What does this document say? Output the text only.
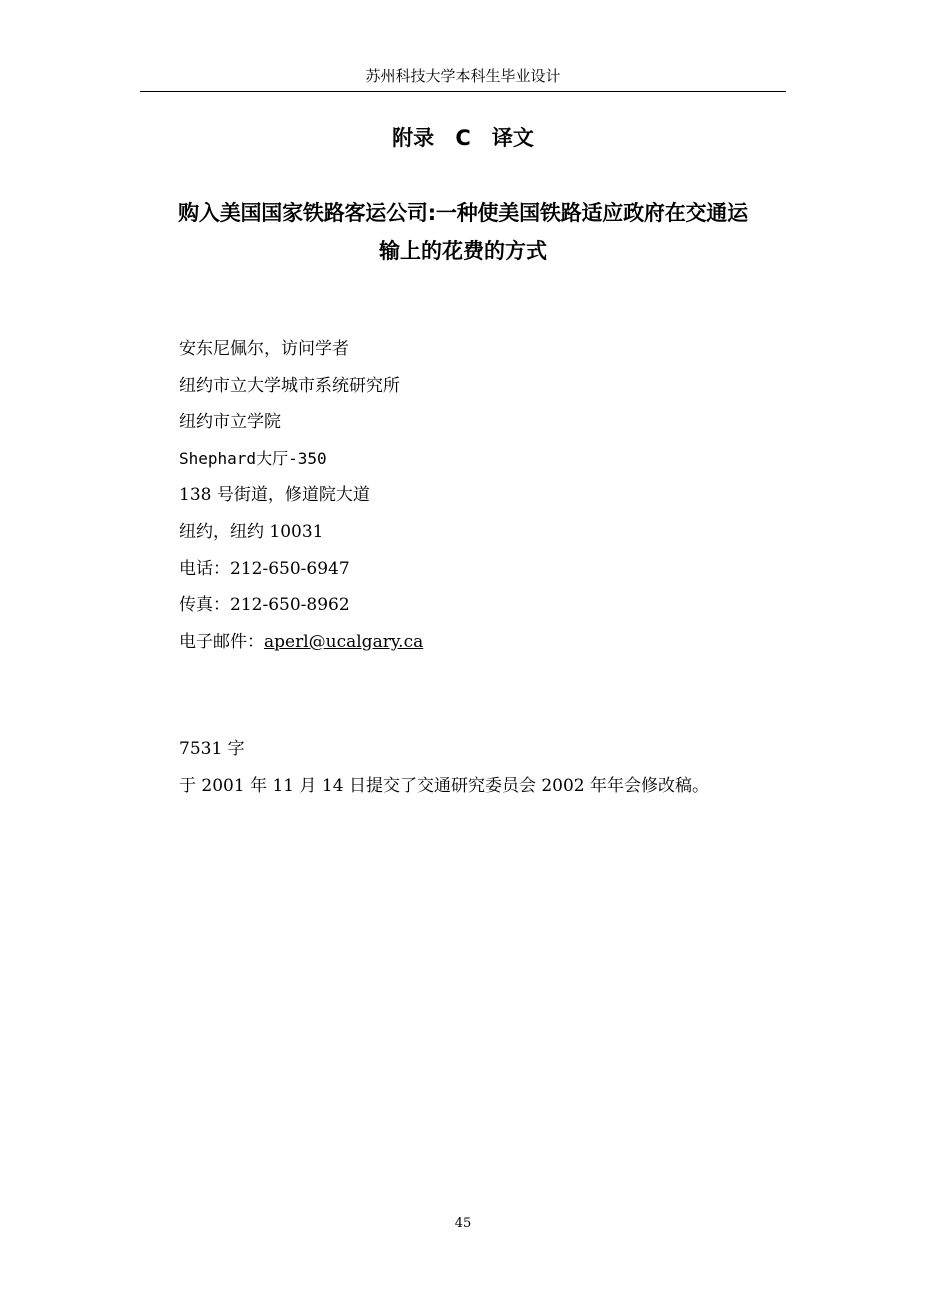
苏州科技大学本科生毕业设计
附录 C　译文
购入美国国家铁路客运公司:一种使美国铁路适应政府在交通运
输上的花费的方式
安东尼佩尔，访问学者
纽约市立大学城市系统研究所
纽约市立学院
Shephard大厅-350
138 号街道，修道院大道
纽约，纽约 10031
电话：212-650-6947
传真：212-650-8962
电子邮件：aperl@ucalgary.ca
7531 字
于 2001 年 11 月 14 日提交了交通研究委员会 2002 年年会修改稿。
45
